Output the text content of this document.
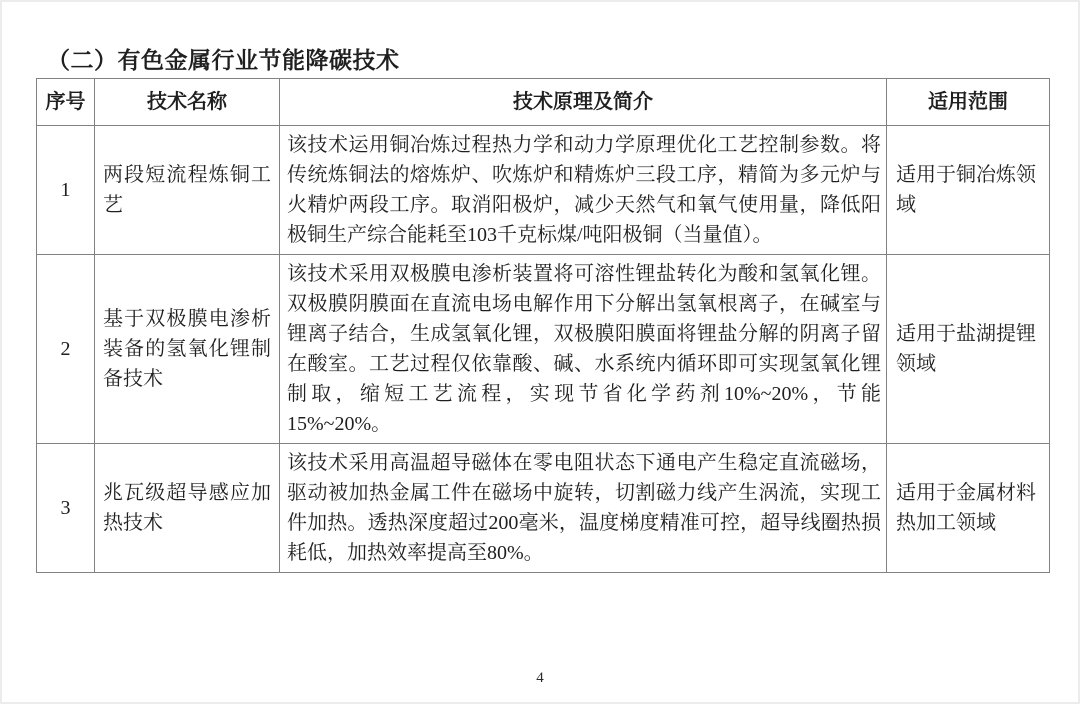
（二）有色金属行业节能降碳技术
序号	技术名称	技术原理及简介	适用范围
1	两段短流程炼铜工艺	该技术运用铜冶炼过程热力学和动力学原理优化工艺控制参数。将传统炼铜法的熔炼炉、吹炼炉和精炼炉三段工序，精简为多元炉与火精炉两段工序。取消阳极炉，减少天然气和氧气使用量，降低阳极铜生产综合能耗至103千克标煤/吨阳极铜（当量值）。	适用于铜冶炼领域
2	基于双极膜电渗析装备的氢氧化锂制备技术	该技术采用双极膜电渗析装置将可溶性锂盐转化为酸和氢氧化锂。双极膜阴膜面在直流电场电解作用下分解出氢氧根离子，在碱室与锂离子结合，生成氢氧化锂，双极膜阳膜面将锂盐分解的阴离子留在酸室。工艺过程仅依靠酸、碱、水系统内循环即可实现氢氧化锂制取，缩短工艺流程，实现节省化学药剂10%~20%，节能15%~20%。	适用于盐湖提锂领域
3	兆瓦级超导感应加热技术	该技术采用高温超导磁体在零电阻状态下通电产生稳定直流磁场，驱动被加热金属工件在磁场中旋转，切割磁力线产生涡流，实现工件加热。透热深度超过200毫米，温度梯度精准可控，超导线圈热损耗低，加热效率提高至80%。	适用于金属材料热加工领域
4
